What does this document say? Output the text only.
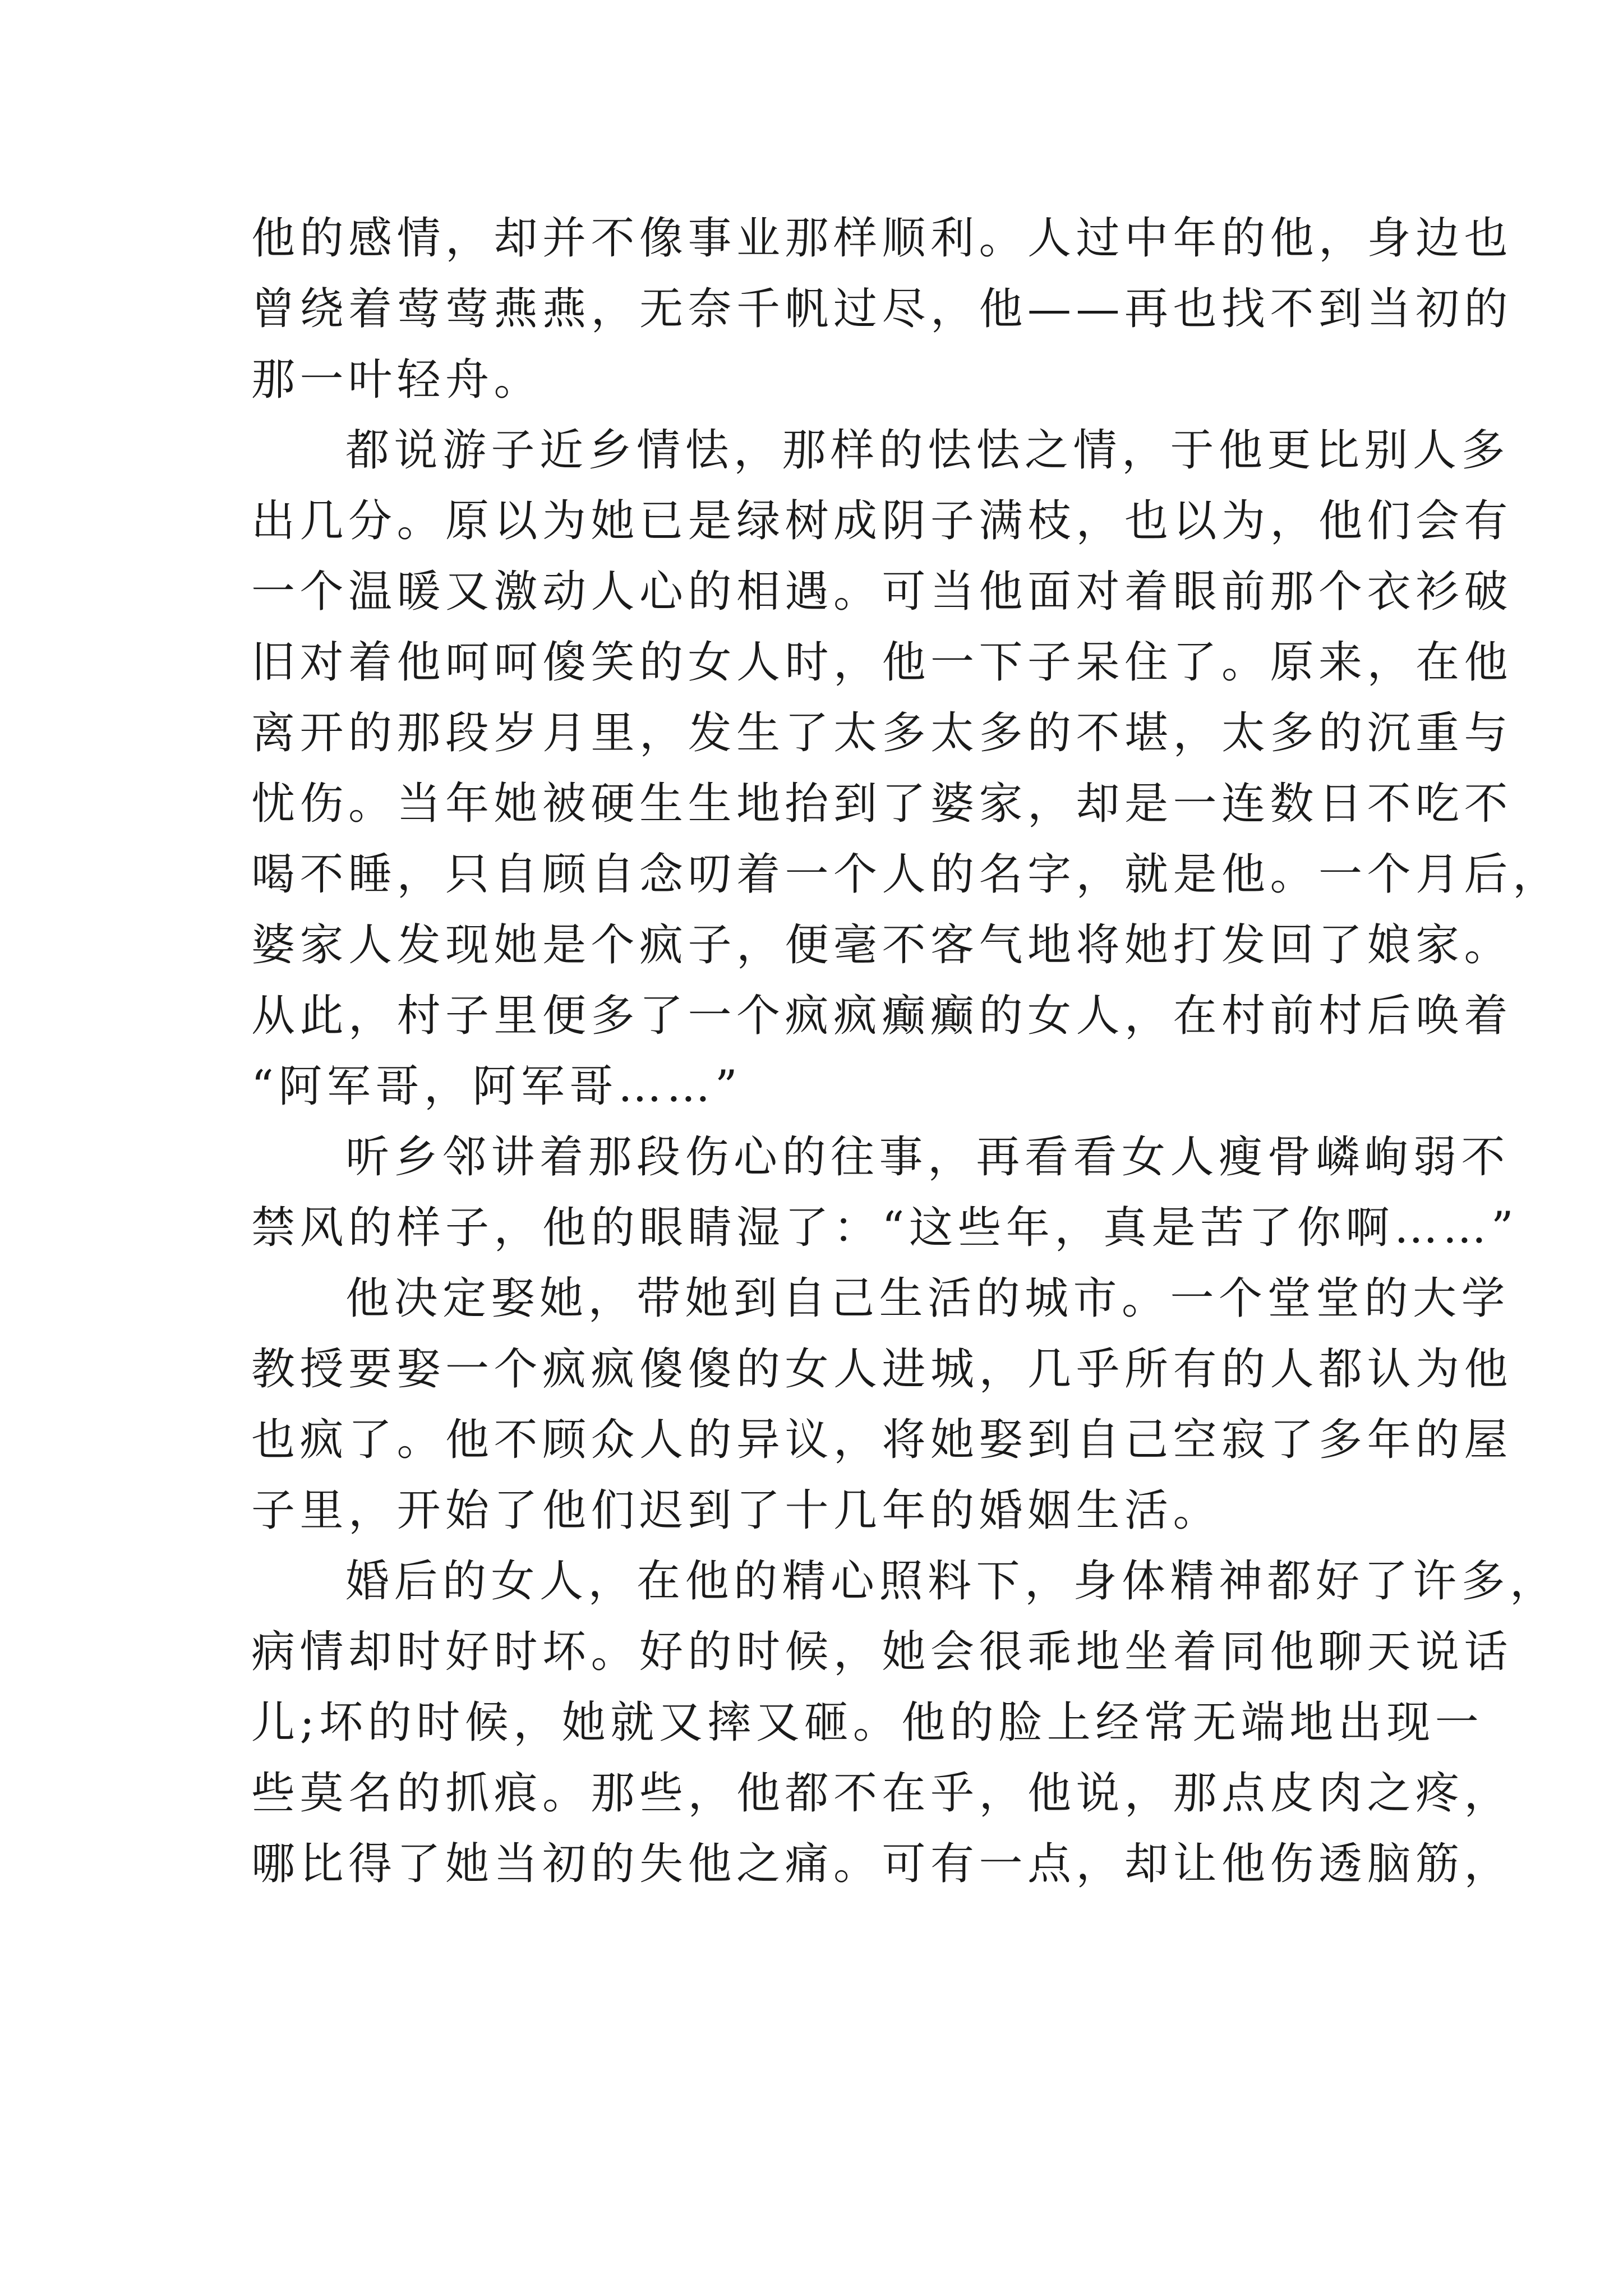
他的感情，却并不像事业那样顺利。人过中年的他，身边也
曾绕着莺莺燕燕，无奈千帆过尽，他——再也找不到当初的
那一叶轻舟。
都说游子近乡情怯，那样的怯怯之情，于他更比别人多
出几分。原以为她已是绿树成阴子满枝，也以为，他们会有
一个温暖又激动人心的相遇。可当他面对着眼前那个衣衫破
旧对着他呵呵傻笑的女人时，他一下子呆住了。原来，在他
离开的那段岁月里，发生了太多太多的不堪，太多的沉重与
忧伤。当年她被硬生生地抬到了婆家，却是一连数日不吃不
喝不睡，只自顾自念叨着一个人的名字，就是他。一个月后，
婆家人发现她是个疯子，便毫不客气地将她打发回了娘家。
从此，村子里便多了一个疯疯癫癫的女人，在村前村后唤着
“阿军哥，阿军哥……”
听乡邻讲着那段伤心的往事，再看看女人瘦骨嶙峋弱不
禁风的样子，他的眼睛湿了：“这些年，真是苦了你啊……”
他决定娶她，带她到自己生活的城市。一个堂堂的大学
教授要娶一个疯疯傻傻的女人进城，几乎所有的人都认为他
也疯了。他不顾众人的异议，将她娶到自己空寂了多年的屋
子里，开始了他们迟到了十几年的婚姻生活。
婚后的女人，在他的精心照料下，身体精神都好了许多，
病情却时好时坏。好的时候，她会很乖地坐着同他聊天说话
儿;坏的时候，她就又摔又砸。他的脸上经常无端地出现一
些莫名的抓痕。那些，他都不在乎，他说，那点皮肉之疼，
哪比得了她当初的失他之痛。可有一点，却让他伤透脑筋，
